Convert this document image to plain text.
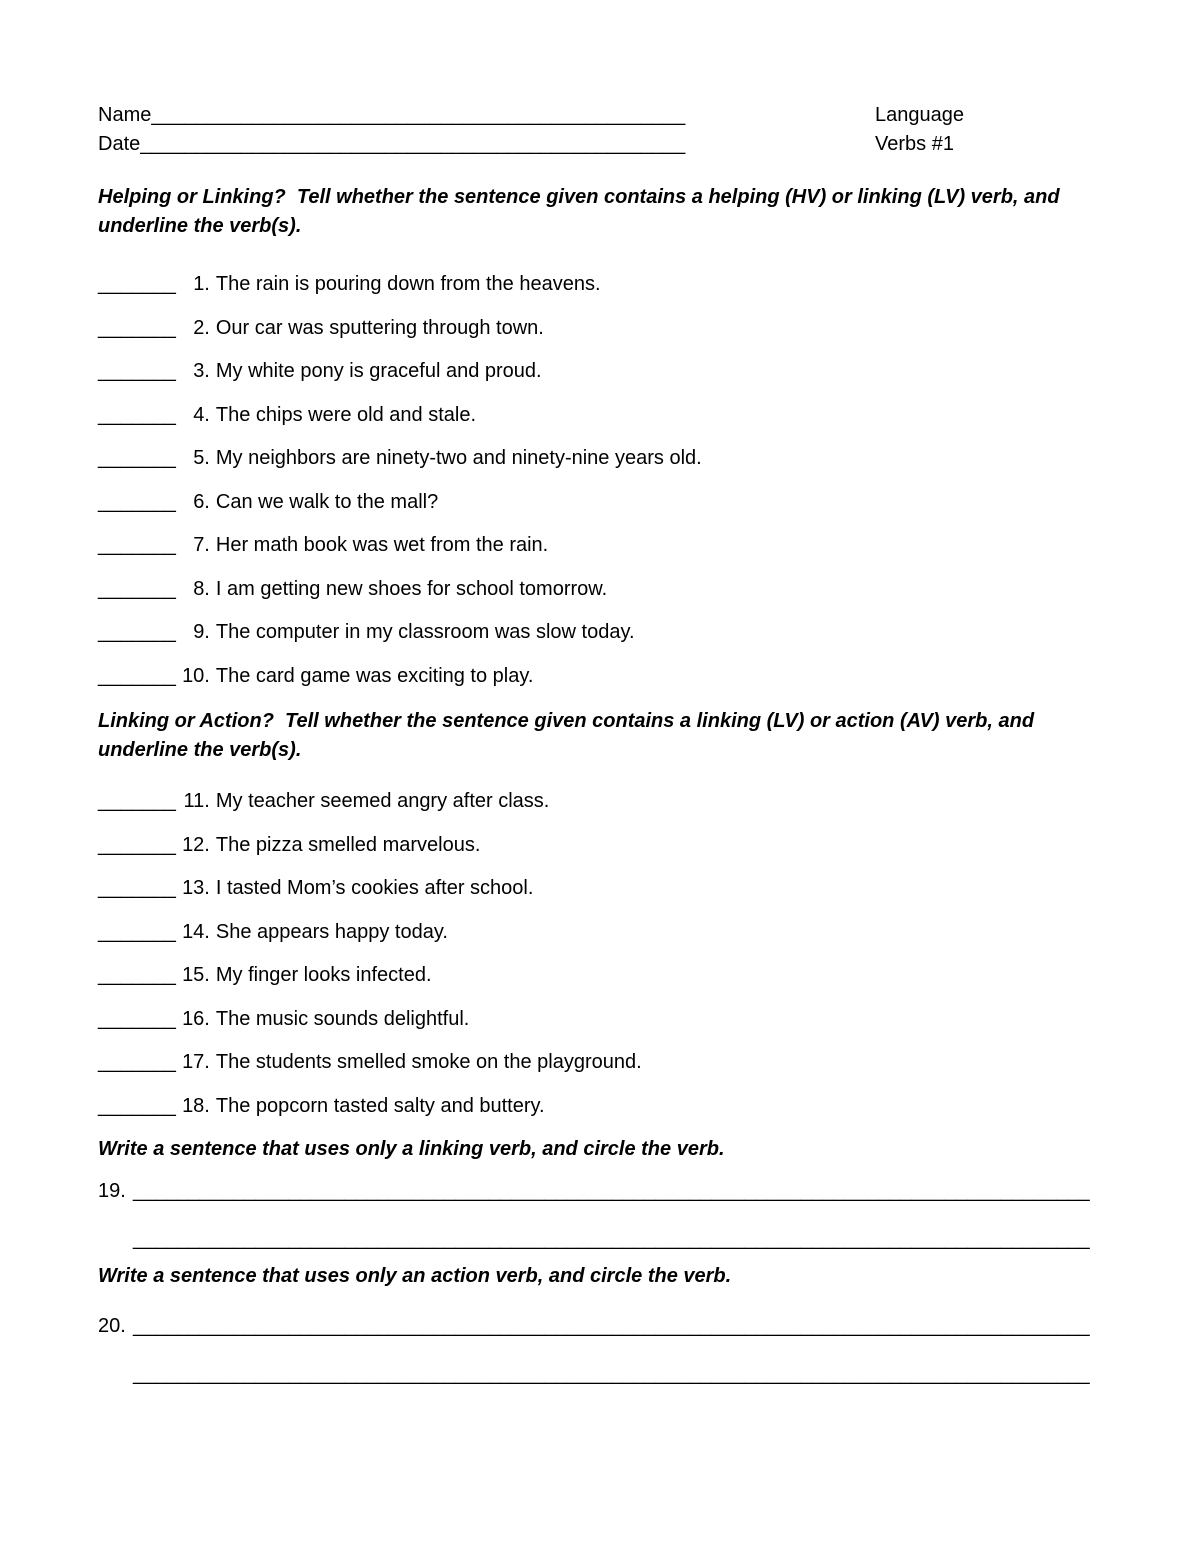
Name________________________________________________
Date_________________________________________________
Language
Verbs #1

Helping or Linking?  Tell whether the sentence given contains a helping (HV) or linking (LV) verb, and underline the verb(s).

_______ 1. The rain is pouring down from the heavens.
_______ 2. Our car was sputtering through town.
_______ 3. My white pony is graceful and proud.
_______ 4. The chips were old and stale.
_______ 5. My neighbors are ninety-two and ninety-nine years old.
_______ 6. Can we walk to the mall?
_______ 7. Her math book was wet from the rain.
_______ 8. I am getting new shoes for school tomorrow.
_______ 9. The computer in my classroom was slow today.
_______ 10. The card game was exciting to play.

Linking or Action?  Tell whether the sentence given contains a linking (LV) or action (AV) verb, and underline the verb(s).

_______ 11. My teacher seemed angry after class.
_______ 12. The pizza smelled marvelous.
_______ 13. I tasted Mom’s cookies after school.
_______ 14. She appears happy today.
_______ 15. My finger looks infected.
_______ 16. The music sounds delightful.
_______ 17. The students smelled smoke on the playground.
_______ 18. The popcorn tasted salty and buttery.

Write a sentence that uses only a linking verb, and circle the verb.

19. ______________________________________________________________________________________
______________________________________________________________________________________

Write a sentence that uses only an action verb, and circle the verb.

20. ______________________________________________________________________________________
______________________________________________________________________________________
